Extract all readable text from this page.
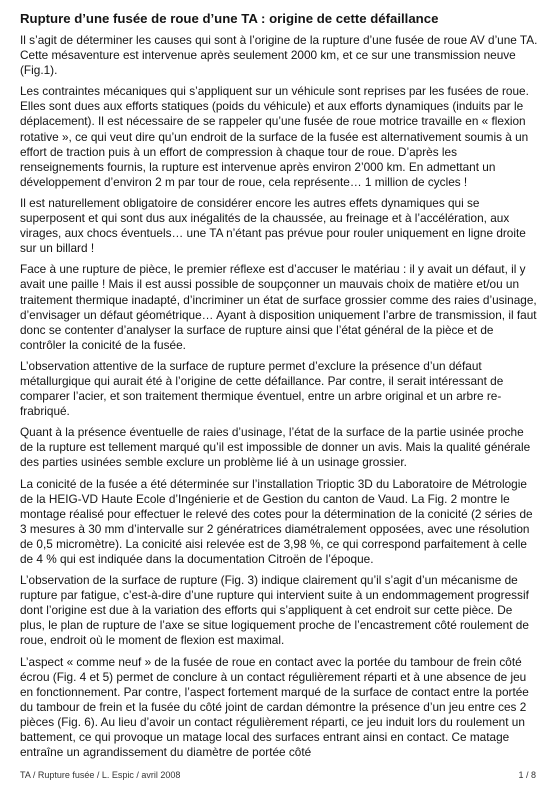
Rupture d’une fusée de roue d’une TA : origine de cette défaillance

Il s’agit de déterminer les causes qui sont à l’origine de la rupture d’une fusée de roue AV d’une TA. Cette mésaventure est intervenue après seulement 2000 km, et ce sur une transmission neuve (Fig.1).

Les contraintes mécaniques qui s’appliquent sur un véhicule sont reprises par les fusées de roue. Elles sont dues aux efforts statiques (poids du véhicule) et aux efforts dynamiques (induits par le déplacement). Il est nécessaire de se rappeler qu’une fusée de roue motrice travaille en « flexion rotative », ce qui veut dire qu’un endroit de la surface de la fusée est alternativement soumis à un effort de traction puis à un effort de compression à chaque tour de roue. D’après les renseignements fournis, la rupture est intervenue après environ 2’000 km. En admettant un développement d’environ 2 m par tour de roue, cela représente… 1 million de cycles !

Il est naturellement obligatoire de considérer encore les autres effets dynamiques qui se superposent et qui sont dus aux inégalités de la chaussée, au freinage et à l’accélération, aux virages, aux chocs éventuels… une TA n’étant pas prévue pour rouler uniquement en ligne droite sur un billard !

Face à une rupture de pièce, le premier réflexe est d’accuser le matériau : il y avait un défaut, il y avait une paille ! Mais il est aussi possible de soupçonner un mauvais choix de matière et/ou un traitement thermique inadapté, d’incriminer un état de surface grossier comme des raies d’usinage, d’envisager un défaut géométrique… Ayant à disposition uniquement l’arbre de transmission, il faut donc se contenter d’analyser la surface de rupture ainsi que l’état général de la pièce et de contrôler la conicité de la fusée.

L’observation attentive de la surface de rupture permet d’exclure la présence d’un défaut métallurgique qui aurait été à l’origine de cette défaillance. Par contre, il serait intéressant de comparer l’acier, et son traitement thermique éventuel, entre un arbre original et un arbre re-frabriqué.

Quant à la présence éventuelle de raies d’usinage, l’état de la surface de la partie usinée proche de la rupture est tellement marqué qu’il est impossible de donner un avis. Mais la qualité générale des parties usinées semble exclure un problème lié à un usinage grossier.

La conicité de la fusée a été déterminée sur l’installation Trioptic 3D du Laboratoire de Métrologie de la HEIG-VD Haute Ecole d’Ingénierie et de Gestion du canton de Vaud. La Fig. 2 montre le montage réalisé pour effectuer le relevé des cotes pour la détermination de la conicité (2 séries de 3 mesures à 30 mm d’intervalle sur 2 génératrices diamétralement opposées, avec une résolution de 0,5 micromètre). La conicité aisi relevée est de 3,98 %, ce qui correspond parfaitement à celle de 4 % qui est indiquée dans la documentation Citroën de l’époque.

L’observation de la surface de rupture (Fig. 3) indique clairement qu’il s’agit d’un mécanisme de rupture par fatigue, c’est-à-dire d’une rupture qui intervient suite à un endommagement progressif dont l’origine est due à la variation des efforts qui s’appliquent à cet endroit sur cette pièce. De plus, le plan de rupture de l’axe se situe logiquement proche de l’encastrement côté roulement de roue, endroit où le moment de flexion est maximal.

L’aspect « comme neuf » de la fusée de roue en contact avec la portée du tambour de frein côté écrou (Fig. 4 et 5) permet de conclure à un contact régulièrement réparti et à une absence de jeu en fonctionnement. Par contre, l’aspect fortement marqué de la surface de contact entre la portée du tambour de frein et la fusée du côté joint de cardan démontre la présence d’un jeu entre ces 2 pièces (Fig. 6). Au lieu d’avoir un contact régulièrement réparti, ce jeu induit lors du roulement un battement, ce qui provoque un matage local des surfaces entrant ainsi en contact. Ce matage entraîne un agrandissement du diamètre de portée côté

TA / Rupture fusée / L. Espic / avril 2008	1 / 8
